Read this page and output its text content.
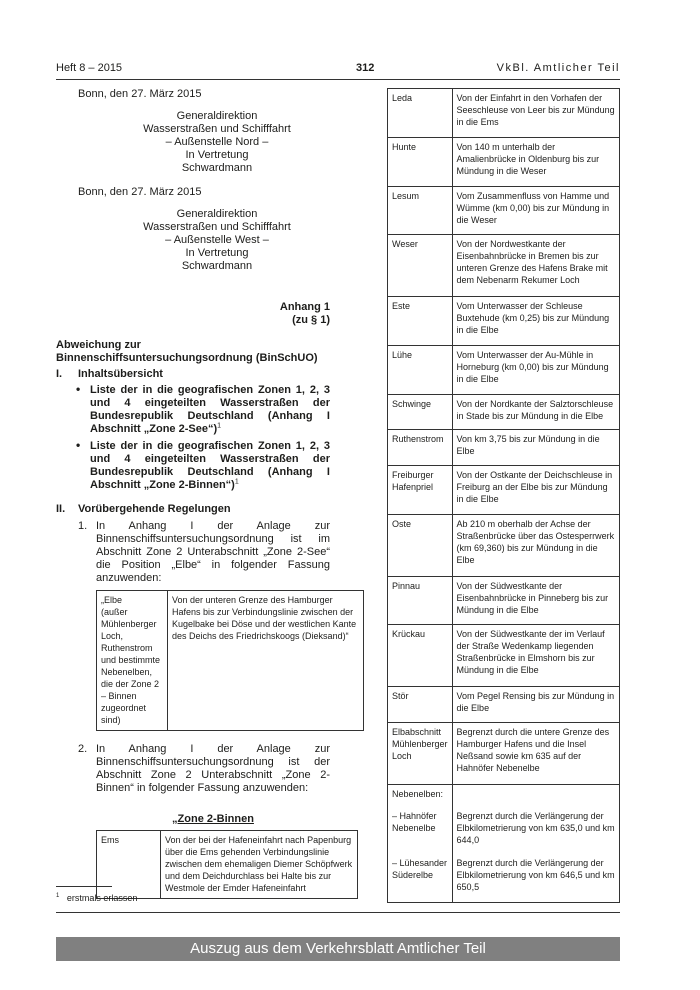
Heft 8 – 2015	312	VkBl. Amtlicher Teil
Bonn, den 27. März 2015
Generaldirektion
Wasserstraßen und Schifffahrt
– Außenstelle Nord –
In Vertretung
Schwardmann
Bonn, den 27. März 2015
Generaldirektion
Wasserstraßen und Schifffahrt
– Außenstelle West –
In Vertretung
Schwardmann
Anhang 1
(zu § 1)
Abweichung zur
Binnenschiffsuntersuchungsordnung (BinSchUO)
I. Inhaltsübersicht
• Liste der in die geografischen Zonen 1, 2, 3 und 4 eingeteilten Wasserstraßen der Bundesrepublik Deutschland (Anhang I Abschnitt „Zone 2-See“)$^1$
• Liste der in die geografischen Zonen 1, 2, 3 und 4 eingeteilten Wasserstraßen der Bundesrepublik Deutschland (Anhang I Abschnitt „Zone 2-Binnen“)$^1$
II. Vorübergehende Regelungen
1. In Anhang I der Anlage zur Binnenschiffsuntersuchungsordnung ist im Abschnitt Zone 2 Unterabschnitt „Zone 2-See“ die Position „Elbe“ in folgender Fassung anzuwenden:
„Elbe
(außer Mühlenberger Loch, Ruthenstrom und bestimmte Nebenelben, die der Zone 2 – Binnen zugeordnet sind)	Von der unteren Grenze des Hamburger Hafens bis zur Verbindungslinie zwischen der Kugelbake bei Döse und der westlichen Kante des Deichs des Friedrichskoogs (Dieksand)“
2. In Anhang I der Anlage zur Binnenschiffsuntersuchungsordnung ist der Abschnitt Zone 2 Unterabschnitt „Zone 2-Binnen“ in folgender Fassung anzuwenden:
„Zone 2-Binnen
Ems	Von der bei der Hafeneinfahrt nach Papenburg über die Ems gehenden Verbindungslinie zwischen dem ehemaligen Diemer Schöpfwerk und dem Deichdurchlass bei Halte bis zur Westmole der Emder Hafeneinfahrt
$^1$ erstmals erlassen
Leda	Von der Einfahrt in den Vorhafen der Seeschleuse von Leer bis zur Mündung in die Ems
Hunte	Von 140 m unterhalb der Amalienbrücke in Oldenburg bis zur Mündung in die Weser
Lesum	Vom Zusammenfluss von Hamme und Wümme (km 0,00) bis zur Mündung in die Weser
Weser	Von der Nordwestkante der Eisenbahnbrücke in Bremen bis zur unteren Grenze des Hafens Brake mit dem Nebenarm Rekumer Loch
Este	Vom Unterwasser der Schleuse Buxtehude (km 0,25) bis zur Mündung in die Elbe
Lühe	Vom Unterwasser der Au-Mühle in Horneburg (km 0,00) bis zur Mündung in die Elbe
Schwinge	Von der Nordkante der Salztorschleuse in Stade bis zur Mündung in die Elbe
Ruthenstrom	Von km 3,75 bis zur Mündung in die Elbe
Freiburger Hafenpriel	Von der Ostkante der Deichschleuse in Freiburg an der Elbe bis zur Mündung in die Elbe
Oste	Ab 210 m oberhalb der Achse der Straßenbrücke über das Ostesperrwerk (km 69,360) bis zur Mündung in die Elbe
Pinnau	Von der Südwestkante der Eisenbahnbrücke in Pinneberg bis zur Mündung in die Elbe
Krückau	Von der Südwestkante der im Verlauf der Straße Wedenkamp liegenden Straßenbrücke in Elmshorn bis zur Mündung in die Elbe
Stör	Vom Pegel Rensing bis zur Mündung in die Elbe
Elbabschnitt Mühlenberger Loch	Begrenzt durch die untere Grenze des Hamburger Hafens und die Insel Neßsand sowie km 635 auf der Hahnöfer Nebenelbe
Nebenelben:	
– Hahnöfer Nebenelbe	Begrenzt durch die Verlängerung der Elbkilometrierung von km 635,0 und km 644,0
– Lühesander Süderelbe	Begrenzt durch die Verlängerung der Elbkilometrierung von km 646,5 und km 650,5
Auszug aus dem Verkehrsblatt Amtlicher Teil
